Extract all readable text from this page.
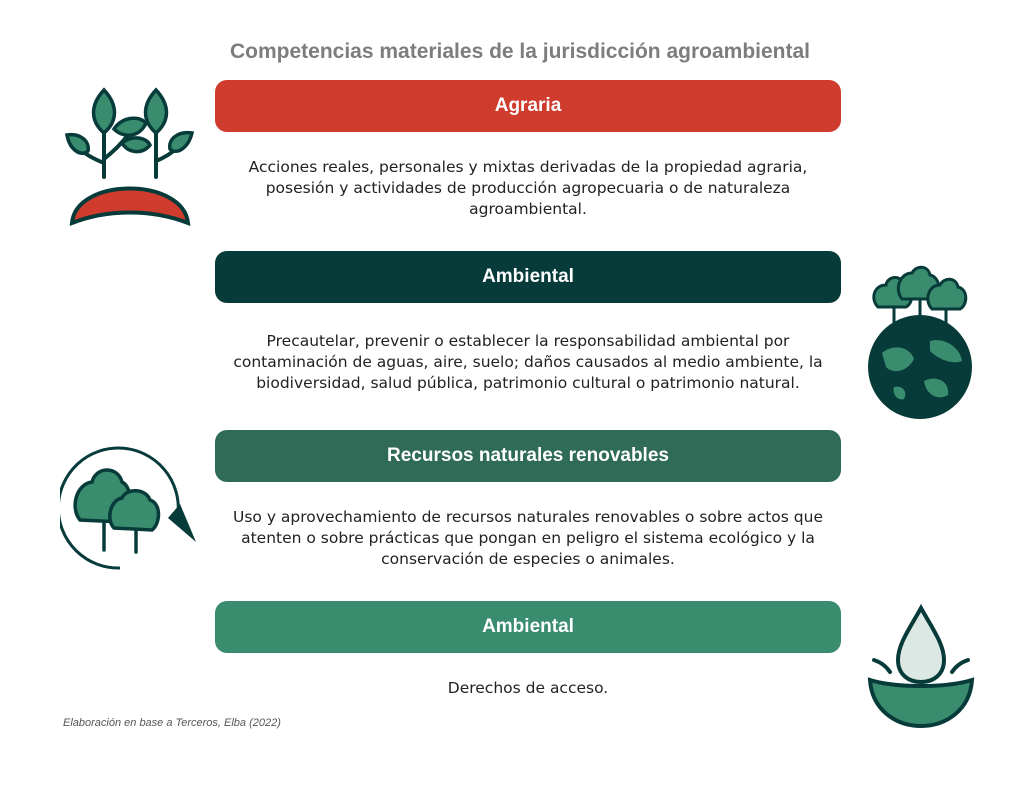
Competencias materiales de la jurisdicción agroambiental
Agraria
Acciones reales, personales y mixtas derivadas de la propiedad agraria, posesión y actividades de producción agropecuaria o de naturaleza agroambiental.
Ambiental
Precautelar, prevenir o establecer la responsabilidad ambiental por contaminación de aguas, aire, suelo; daños causados al medio ambiente, la biodiversidad, salud pública, patrimonio cultural o patrimonio natural.
Recursos naturales renovables
Uso y aprovechamiento de recursos naturales renovables o sobre actos que atenten o sobre prácticas que pongan en peligro el sistema ecológico y la conservación de especies o animales.
Ambiental
Derechos de acceso.
Elaboración en base a Terceros, Elba (2022)
